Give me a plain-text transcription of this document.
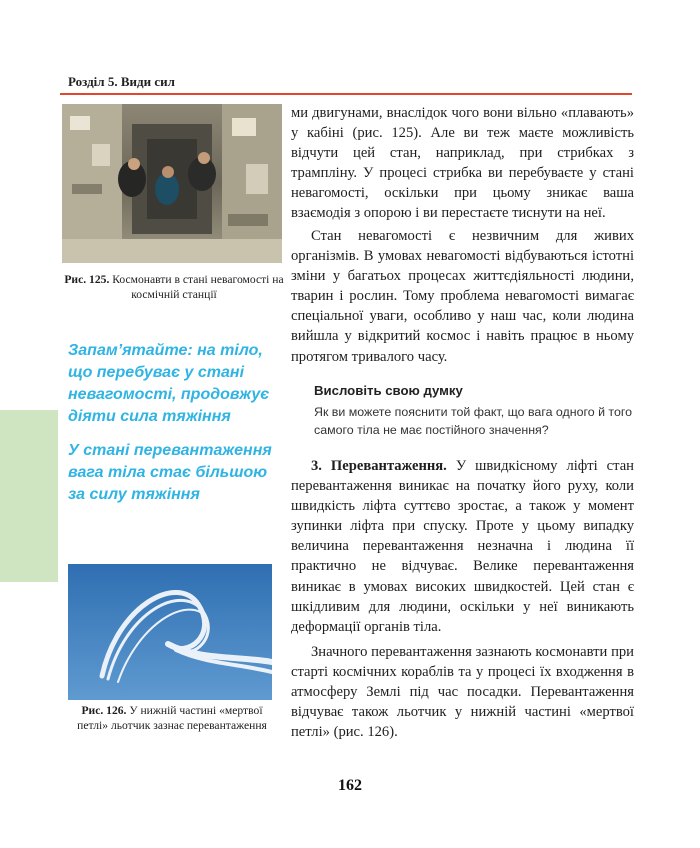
Розділ 5. Види сил
Рис. 125. Космонавти в стані невагомості на космічній станції
Запам’ятайте: на тіло, що перебуває у стані невагомості, продовжує діяти сила тяжіння
У стані перевантаження вага тіла стає більшою за силу тяжіння
Рис. 126. У нижній частині «мертвої петлі» льотчик зазнає перевантаження

ми двигунами, внаслідок чого вони вільно «плавають» у кабіні (рис. 125). Але ви теж маєте можливість відчути цей стан, наприклад, при стрибках з трампліну. У процесі стрибка ви перебуваєте у стані невагомості, оскільки при цьому зникає ваша взаємодія з опорою і ви перестаєте тиснути на неї.

Стан невагомості є незвичним для живих організмів. В умовах невагомості відбуваються істотні зміни у багатьох процесах життєдіяльності людини, тварин і рослин. Тому проблема невагомості вимагає спеціальної уваги, особливо у наш час, коли людина вийшла у відкритий космос і навіть працює в ньому протягом тривалого часу.

Висловіть свою думку
Як ви можете пояснити той факт, що вага одного й того самого тіла не має постійного значення?

3. Перевантаження. У швидкісному ліфті стан перевантаження виникає на початку його руху, коли швидкість ліфта суттєво зростає, а також у момент зупинки ліфта при спуску. Проте у цьому випадку величина перевантаження незначна і людина її практично не відчуває. Велике перевантаження виникає в умовах високих швидкостей. Цей стан є шкідливим для людини, оскільки у неї виникають деформації органів тіла.

Значного перевантаження зазнають космонавти при старті космічних кораблів та у процесі їх входження в атмосферу Землі під час посадки. Перевантаження відчуває також льотчик у нижній частині «мертвої петлі» (рис. 126).

162
